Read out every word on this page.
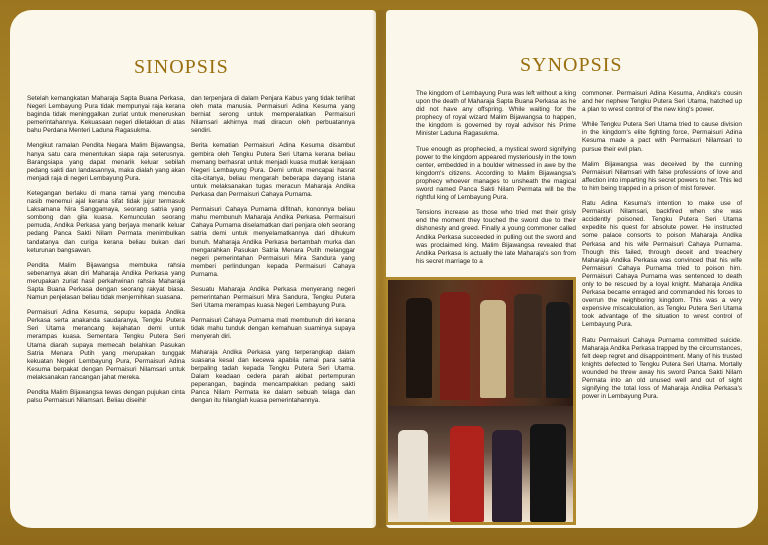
SINOPSIS

Setelah kemangkatan Maharaja Sapta Buana Perkasa, Negeri Lembayung Pura tidak mempunyai raja kerana baginda tidak meninggalkan zuriat untuk meneruskan pemerintahannya. Kekuasaan negeri diletakkan di atas bahu Perdana Menteri Laduna Ragasukma.

Mengikut ramalan Pendita Negara Malim Bijawangsa, hanya satu cara menentukan siapa raja seterusnya. Barangsiapa yang dapat menarik keluar sebilah pedang sakti dan landasannya, maka dialah yang akan menjadi raja di negeri Lembayung Pura.

Ketegangan berlaku di mana ramai yang mencuba nasib menemui ajal kerana sifat tidak jujur termasuk Laksamana Nira Sanggamaya, seorang satria yang sombong dan gila kuasa. Kemunculan seorang pemuda, Andika Perkasa yang berjaya menarik keluar pedang Panca Sakti Nilam Permata menimbulkan tandatanya dan curiga kerana beliau bukan dari keturunan bangsawan.

Pendita Malim Bijawangsa membuka rahsia sebenarnya akan diri Maharaja Andika Perkasa yang merupakan zuriat hasil perkahwinan rahsia Maharaja Sapta Buana Perkasa dengan seorang rakyat biasa. Namun penjelasan beliau tidak menjernihkan suasana.

Permaisuri Adina Kesuma, sepupu kepada Andika Perkasa serta anakanda saudaranya, Tengku Putera Seri Utama merancang kejahatan demi untuk merampas kuasa. Sementara Tengku Putera Seri Utama diarah supaya memecah belahkan Pasukan Satria Menara Putih yang merupakan tunggak kekuatan Negeri Lembayung Pura, Permaisuri Adina Kesuma berpakat dengan Permaisuri Nilamsari untuk melaksanakan rancangan jahat mereka.

Pendita Malim Bijawangsa tewas dengan pujukan cinta palsu Permaisuri Nilamsari. Beliau diseihir

dan terpenjara di dalam Penjara Kabus yang tidak terlihat oleh mata manusia. Permaisuri Adina Kesuma yang berniat serong untuk memperalatkan Permaisuri Nilamsari akhirnya mati diracun oleh perbuatannya sendiri.

Berita kematian Permaisuri Adina Kesuma disambut gembira oleh Tengku Putera Seri Utama kerana beliau memang berhasrat untuk menjadi kuasa mutlak kerajaan Negeri Lembayung Pura. Demi untuk mencapai hasrat cita-citanya, beliau mengarah beberapa dayang istana untuk melaksanakan tugas meracun Maharaja Andika Perkasa dan Permaisuri Cahaya Purnama.

Permaisuri Cahaya Purnama difitnah, kononnya beliau mahu membunuh Maharaja Andika Perkasa. Permaisuri Cahaya Purnama diselamatkan dari penjara oleh seorang satria demi untuk menyelamatkannya dari dihukum bunuh. Maharaja Andika Perkasa bertambah murka dan mengarahkan Pasukan Satria Menara Putih melanggar negeri pemerintahan Permaisuri Mira Sandura yang memberi perlindungan kepada Permaisuri Cahaya Purnama.

Sesuatu Maharaja Andika Perkasa menyerang negeri pemerintahan Permaisuri Mira Sandura, Tengku Putera Seri Utama merampas kuasa Negeri Lembayung Pura.

Permaisuri Cahaya Purnama mati membunuh diri kerana tidak mahu tunduk dengan kemahuan suaminya supaya menyerah diri.

Maharaja Andika Perkasa yang terperangkap dalam suasana kesal dan kecewa apabila ramai para satria berpaling tadah kepada Tengku Putera Seri Utama. Dalam keadaan cedera parah akibat pertempuran peperangan, baginda mencampakkan pedang sakti Panca Nilam Permata ke dalam sebuah telaga dan dengan itu hilanglah kuasa pemerintahannya.

SYNOPSIS

The kingdom of Lembayung Pura was left without a king upon the death of Maharaja Sapta Buana Perkasa as he did not have any offspring. While waiting for the prophecy of royal wizard Malim Bijawangsa to happen, the kingdom is governed by royal advisor his Prime Minister Laduna Ragasukma.

True enough as prophecied, a mystical sword signifying power to the kingdom appeared mysteriously in the town center, embedded in a boulder witnessed in awe by the kingdom's citizens. According to Malim Bijawangsa's prophecy whoever manages to unsheath the magical sword named Panca Sakti Nilam Permata will be the rightful king of Lembayung Pura.

Tensions increase as those who tried met their grisly end the moment they touched the sword due to their dishonesty and greed. Finally a young commoner called Andika Perkasa succeeded in pulling out the sword and was proclaimed king. Malim Bijawangsa revealed that Andika Perkasa is actually the late Maharaja's son from his secret marriage to a

commoner. Permaisuri Adina Kesuma, Andika's cousin and her nephew Tengku Putera Seri Utama, hatched up a plan to wrest control of the new king's power.

While Tengku Putera Seri Utama tried to cause division in the kingdom's elite fighting force, Permaisuri Adina Kesuma made a pact with Permaisuri Nilamsari to pursue their evil plan.

Malim Bijawangsa was deceived by the cunning Permaisuri Nilamsari with false professions of love and affection into imparting his secret powers to her. This led to him being trapped in a prison of mist forever.

Ratu Adina Kesuma's intention to make use of Permaisuri Nilamsari, backfired when she was accidently poisoned. Tengku Putera Seri Utama expedite his quest for absolute power. He instructed some palace consorts to poison Maharaja Andika Perkasa and his wife Permaisuri Cahaya Purnama. Though this failed, through deceit and treachery Maharaja Andika Perkasa was convinced that his wife Permaisuri Cahaya Purnama tried to poison him. Permaisuri Cahaya Purnama was sentenced to death only to be rescued by a loyal knight. Maharaja Andika Perkasa became enraged and commanded his forces to overrun the neighboring kingdom. This was a very expensive miscalculation, as Tengku Putera Seri Utama took advantage of the situation to wrest control of Lembayung Pura.

Ratu Permaisuri Cahaya Purnama committed suicide. Maharaja Andika Perkasa trapped by the circumstances, felt deep regret and disappointment. Many of his trusted knights defected to Tengku Putera Seri Utama. Mortally wounded he threw away his sword Panca Sakti Nilam Permata into an old unused well and out of sight signifying the total loss of Maharaja Andika Perkasa's power in Lembayung Pura.
